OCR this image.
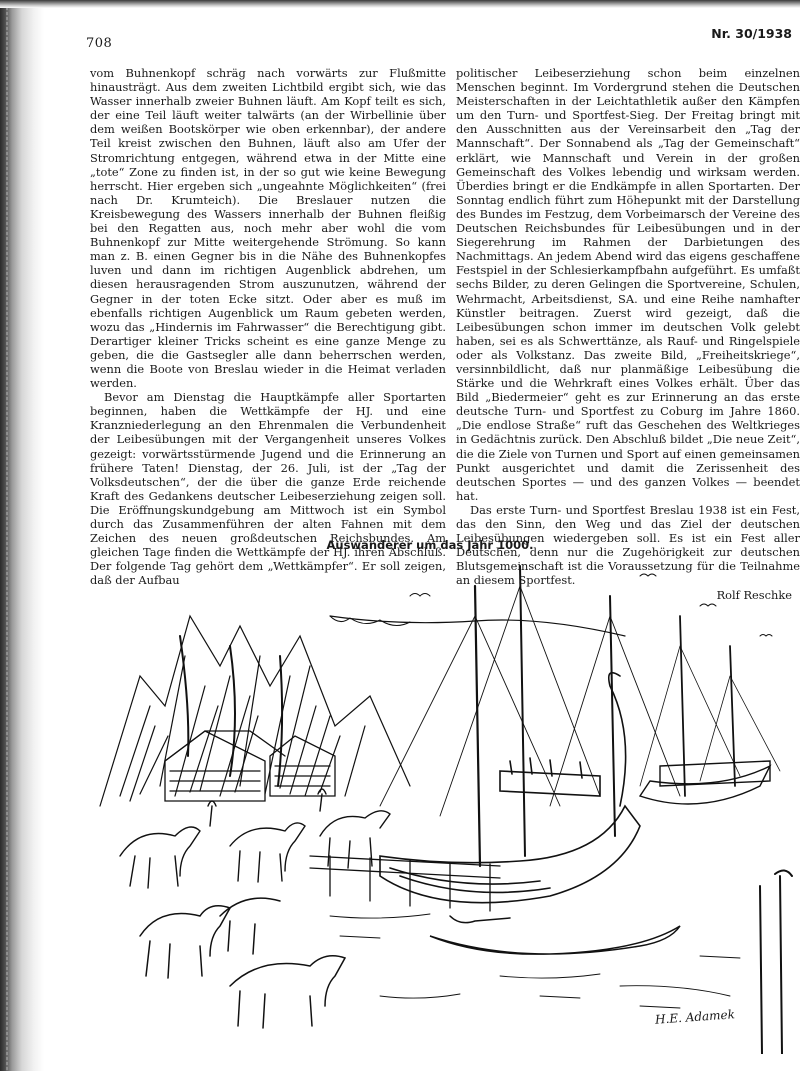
708
Nr. 30/1938

vom Buhnenkopf schräg nach vorwärts zur Flußmitte hinausträgt. Aus dem zweiten Lichtbild ergibt sich, wie das Wasser innerhalb zweier Buhnen läuft. Am Kopf teilt es sich, der eine Teil läuft weiter talwärts (an der Wirbellinie über dem weißen Bootskörper wie oben erkennbar), der andere Teil kreist zwischen den Buhnen, läuft also am Ufer der Stromrichtung entgegen, während etwa in der Mitte eine „tote“ Zone zu finden ist, in der so gut wie keine Bewegung herrscht. Hier ergeben sich „ungeahnte Möglichkeiten“ (frei nach Dr. Krumteich). Die Breslauer nutzen die Kreisbewegung des Wassers innerhalb der Buhnen fleißig bei den Regatten aus, noch mehr aber wohl die vom Buhnenkopf zur Mitte weitergehende Strömung. So kann man z. B. einen Gegner bis in die Nähe des Buhnenkopfes luven und dann im richtigen Augenblick abdrehen, um diesen herausragenden Strom auszunutzen, während der Gegner in der toten Ecke sitzt. Oder aber es muß im ebenfalls richtigen Augenblick um Raum gebeten werden, wozu das „Hindernis im Fahrwasser“ die Berechtigung gibt. Derartiger kleiner Tricks scheint es eine ganze Menge zu geben, die die Gastsegler alle dann beherrschen werden, wenn die Boote von Breslau wieder in die Heimat verladen werden.

Bevor am Dienstag die Hauptkämpfe aller Sportarten beginnen, haben die Wettkämpfe der HJ. und eine Kranzniederlegung an den Ehrenmalen die Verbundenheit der Leibesübungen mit der Vergangenheit unseres Volkes gezeigt: vorwärtsstürmende Jugend und die Erinnerung an frühere Taten! Dienstag, der 26. Juli, ist der „Tag der Volksdeutschen“, der die über die ganze Erde reichende Kraft des Gedankens deutscher Leibeserziehung zeigen soll. Die Eröffnungskundgebung am Mittwoch ist ein Symbol durch das Zusammenführen der alten Fahnen mit dem Zeichen des neuen großdeutschen Reichsbundes. Am gleichen Tage finden die Wettkämpfe der HJ. ihren Abschluß. Der folgende Tag gehört dem „Wettkämpfer“. Er soll zeigen, daß der Aufbau

politischer Leibeserziehung schon beim einzelnen Menschen beginnt. Im Vordergrund stehen die Deutschen Meisterschaften in der Leichtathletik außer den Kämpfen um den Turn- und Sportfest-Sieg. Der Freitag bringt mit den Ausschnitten aus der Vereinsarbeit den „Tag der Mannschaft“. Der Sonnabend als „Tag der Gemeinschaft“ erklärt, wie Mannschaft und Verein in der großen Gemeinschaft des Volkes lebendig und wirksam werden. Überdies bringt er die Endkämpfe in allen Sportarten. Der Sonntag endlich führt zum Höhepunkt mit der Darstellung des Bundes im Festzug, dem Vorbeimarsch der Vereine des Deutschen Reichsbundes für Leibesübungen und in der Siegerehrung im Rahmen der Darbietungen des Nachmittags. An jedem Abend wird das eigens geschaffene Festspiel in der Schlesierkampfbahn aufgeführt. Es umfaßt sechs Bilder, zu deren Gelingen die Sportvereine, Schulen, Wehrmacht, Arbeitsdienst, SA. und eine Reihe namhafter Künstler beitragen. Zuerst wird gezeigt, daß die Leibesübungen schon immer im deutschen Volk gelebt haben, sei es als Schwerttänze, als Rauf- und Ringelspiele oder als Volkstanz. Das zweite Bild, „Freiheitskriege“, versinnbildlicht, daß nur planmäßige Leibesübung die Stärke und die Wehrkraft eines Volkes erhält. Über das Bild „Biedermeier“ geht es zur Erinnerung an das erste deutsche Turn- und Sportfest zu Coburg im Jahre 1860. „Die endlose Straße“ ruft das Geschehen des Weltkrieges in Gedächtnis zurück. Den Abschluß bildet „Die neue Zeit“, die die Ziele von Turnen und Sport auf einen gemeinsamen Punkt ausgerichtet und damit die Zerissenheit des deutschen Sportes — und des ganzen Volkes — beendet hat.

Das erste Turn- und Sportfest Breslau 1938 ist ein Fest, das den Sinn, den Weg und das Ziel der deutschen Leibesübungen wiedergeben soll. Es ist ein Fest aller Deutschen, denn nur die Zugehörigkeit zur deutschen Blutsgemeinschaft ist die Voraussetzung für die Teilnahme an diesem Sportfest.

Rolf Reschke
Auswanderer um das Jahr 1000.
H.E. Adamek
